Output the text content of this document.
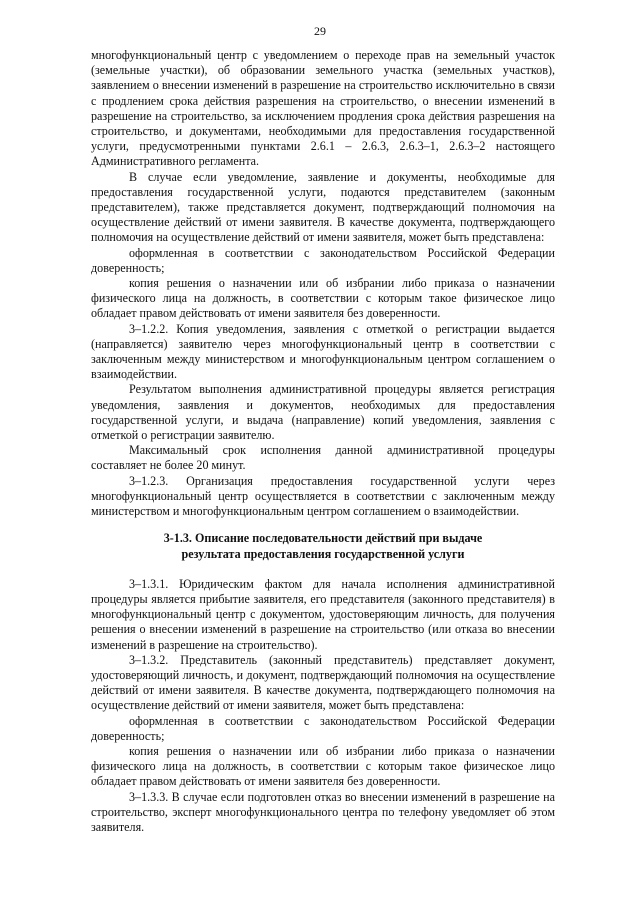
29

многофункциональный центр с уведомлением о переходе прав на земельный участок (земельные участки), об образовании земельного участка (земельных участков), заявлением о внесении изменений в разрешение на строительство исключительно в связи с продлением срока действия разрешения на строительство, о внесении изменений в разрешение на строительство, за исключением продления срока действия разрешения на строительство, и документами, необходимыми для предоставления государственной услуги, предусмотренными пунктами 2.6.1 – 2.6.3, 2.6.3–1, 2.6.3–2 настоящего Административного регламента.

В случае если уведомление, заявление и документы, необходимые для предоставления государственной услуги, подаются представителем (законным представителем), также представляется документ, подтверждающий полномочия на осуществление действий от имени заявителя. В качестве документа, подтверждающего полномочия на осуществление действий от имени заявителя, может быть представлена:

оформленная в соответствии с законодательством Российской Федерации доверенность;

копия решения о назначении или об избрании либо приказа о назначении физического лица на должность, в соответствии с которым такое физическое лицо обладает правом действовать от имени заявителя без доверенности.

3–1.2.2. Копия уведомления, заявления с отметкой о регистрации выдается (направляется) заявителю через многофункциональный центр в соответствии с заключенным между министерством и многофункциональным центром соглашением о взаимодействии.

Результатом выполнения административной процедуры является регистрация уведомления, заявления и документов, необходимых для предоставления государственной услуги, и выдача (направление) копий уведомления, заявления с отметкой о регистрации заявителю.

Максимальный срок исполнения данной административной процедуры составляет не более 20 минут.

3–1.2.3. Организация предоставления государственной услуги через многофункциональный центр осуществляется в соответствии с заключенным между министерством и многофункциональным центром соглашением о взаимодействии.

3-1.3. Описание последовательности действий при выдаче
результата предоставления государственной услуги

3–1.3.1. Юридическим фактом для начала исполнения административной процедуры является прибытие заявителя, его представителя (законного представителя) в многофункциональный центр с документом, удостоверяющим личность, для получения решения о внесении изменений в разрешение на строительство (или отказа во внесении изменений в разрешение на строительство).

3–1.3.2. Представитель (законный представитель) представляет документ, удостоверяющий личность, и документ, подтверждающий полномочия на осуществление действий от имени заявителя. В качестве документа, подтверждающего полномочия на осуществление действий от имени заявителя, может быть представлена:

оформленная в соответствии с законодательством Российской Федерации доверенность;

копия решения о назначении или об избрании либо приказа о назначении физического лица на должность, в соответствии с которым такое физическое лицо обладает правом действовать от имени заявителя без доверенности.

3–1.3.3. В случае если подготовлен отказ во внесении изменений в разрешение на строительство, эксперт многофункционального центра по телефону уведомляет об этом заявителя.
